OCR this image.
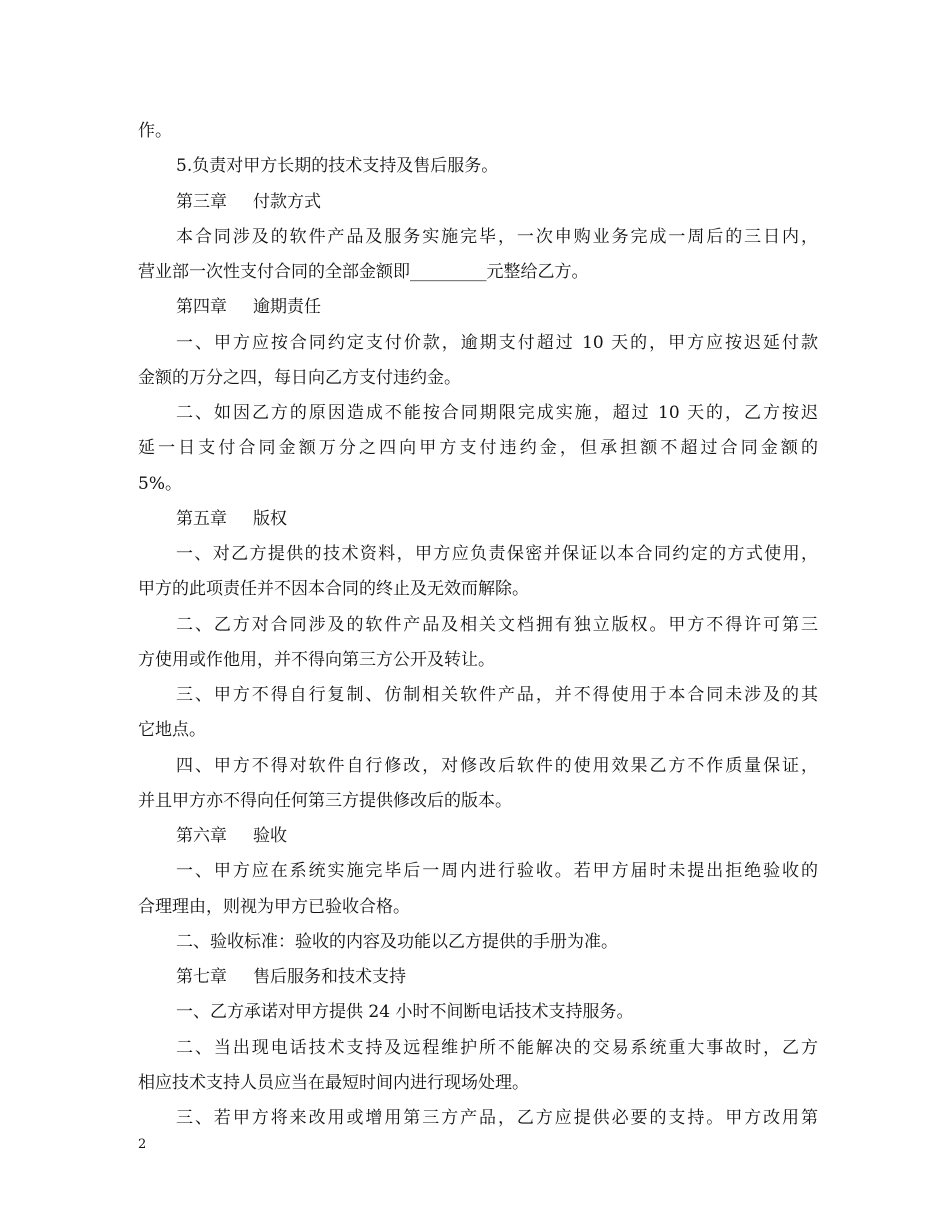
作。
5.负责对甲方长期的技术支持及售后服务。
第三章 付款方式
本合同涉及的软件产品及服务实施完毕，一次申购业务完成一周后的三日内，
营业部一次性支付合同的全部金额即_________元整给乙方。
第四章 逾期责任
一、甲方应按合同约定支付价款，逾期支付超过 10 天的，甲方应按迟延付款
金额的万分之四，每日向乙方支付违约金。
二、如因乙方的原因造成不能按合同期限完成实施，超过 10 天的，乙方按迟
延一日支付合同金额万分之四向甲方支付违约金，但承担额不超过合同金额的
5%。
第五章 版权
一、对乙方提供的技术资料，甲方应负责保密并保证以本合同约定的方式使用，
甲方的此项责任并不因本合同的终止及无效而解除。
二、乙方对合同涉及的软件产品及相关文档拥有独立版权。甲方不得许可第三
方使用或作他用，并不得向第三方公开及转让。
三、甲方不得自行复制、仿制相关软件产品，并不得使用于本合同未涉及的其
它地点。
四、甲方不得对软件自行修改，对修改后软件的使用效果乙方不作质量保证，
并且甲方亦不得向任何第三方提供修改后的版本。
第六章 验收
一、甲方应在系统实施完毕后一周内进行验收。若甲方届时未提出拒绝验收的
合理理由，则视为甲方已验收合格。
二、验收标准：验收的内容及功能以乙方提供的手册为准。
第七章 售后服务和技术支持
一、乙方承诺对甲方提供 24 小时不间断电话技术支持服务。
二、当出现电话技术支持及远程维护所不能解决的交易系统重大事故时，乙方
相应技术支持人员应当在最短时间内进行现场处理。
三、若甲方将来改用或增用第三方产品，乙方应提供必要的支持。甲方改用第
2
